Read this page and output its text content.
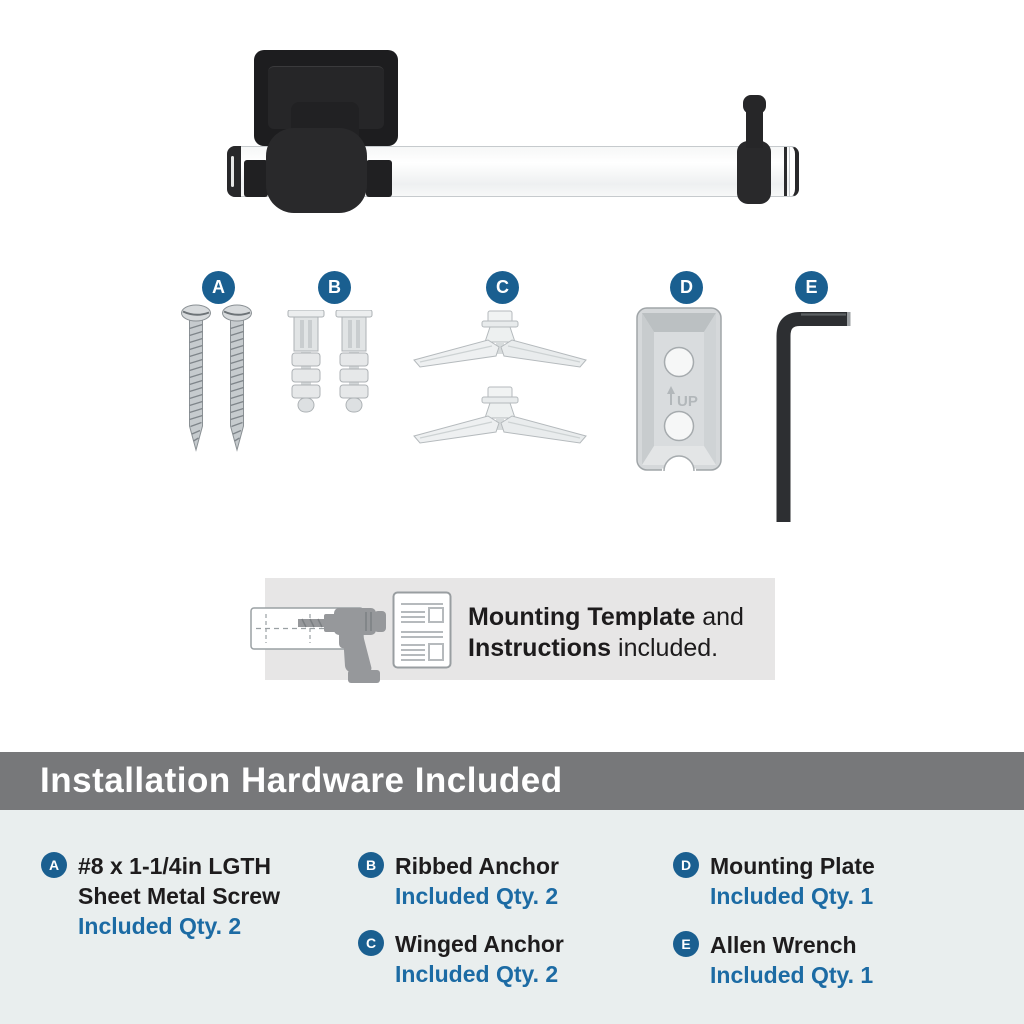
A	B	C	D	E
UP
Mounting Template and
Instructions included.
Installation Hardware Included
A #8 x 1-1/4in LGTH
Sheet Metal Screw
Included Qty. 2
B Ribbed Anchor
Included Qty. 2
C Winged Anchor
Included Qty. 2
D Mounting Plate
Included Qty. 1
E Allen Wrench
Included Qty. 1
